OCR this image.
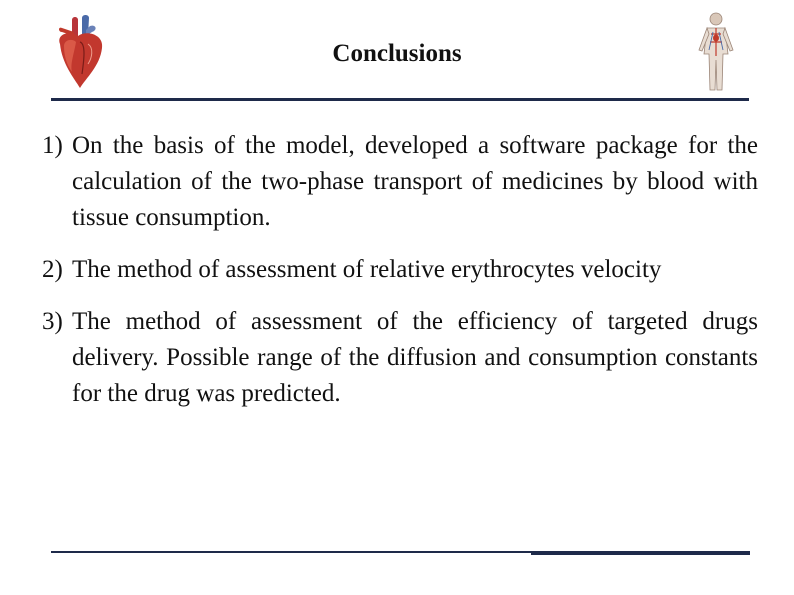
Conclusions
1) On the basis of the model, developed a software package for the calculation of the two-phase transport of medicines by blood with tissue consumption.
2) The method of assessment of relative erythrocytes velocity
3) The method of assessment of the efficiency of targeted drugs delivery. Possible range of the diffusion and consumption constants for the drug was predicted.
